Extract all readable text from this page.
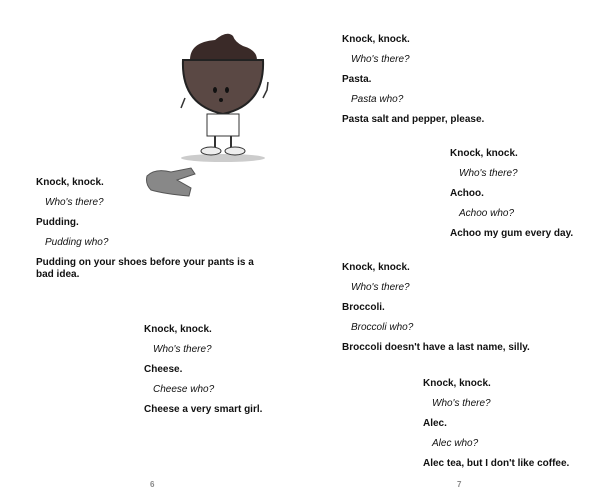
Knock, knock.
Who's there?
Pudding.
Pudding who?
Pudding on your shoes before your pants is a bad idea.
Knock, knock.
Who's there?
Cheese.
Cheese who?
Cheese a very smart girl.
Knock, knock.
Who's there?
Pasta.
Pasta who?
Pasta salt and pepper, please.
Knock, knock.
Who's there?
Achoo.
Achoo who?
Achoo my gum every day.
Knock, knock.
Who's there?
Broccoli.
Broccoli who?
Broccoli doesn't have a last name, silly.
Knock, knock.
Who's there?
Alec.
Alec who?
Alec tea, but I don't like coffee.
6	7
